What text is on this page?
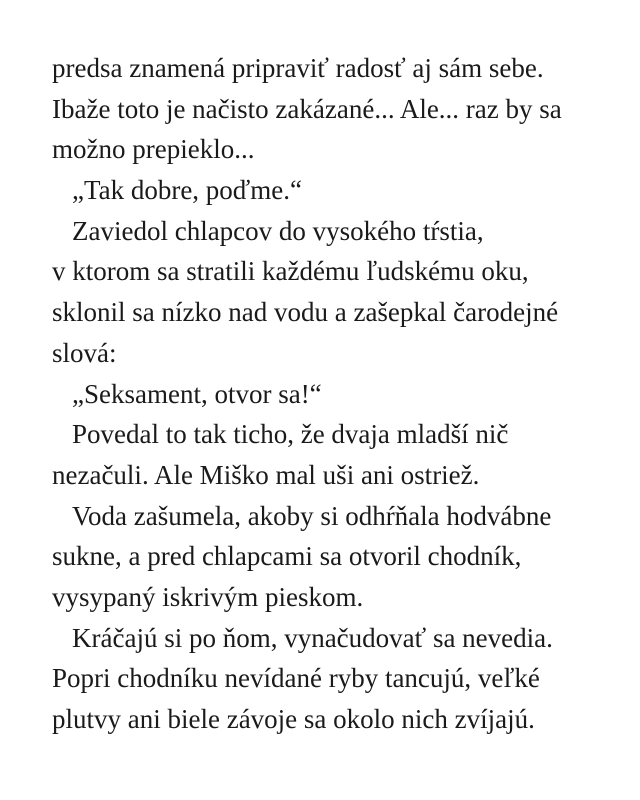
predsa znamená pripraviť radosť aj sám sebe.
Ibaže toto je načisto zakázané... Ale... raz by sa
možno prepieklo...
„Tak dobre, poďme.“
Zaviedol chlapcov do vysokého tŕstia,
v ktorom sa stratili každému ľudskému oku,
sklonil sa nízko nad vodu a zašepkal čarodejné
slová:
„Seksament, otvor sa!“
Povedal to tak ticho, že dvaja mladší nič
nezačuli. Ale Miško mal uši ani ostriež.
Voda zašumela, akoby si odhŕňala hodvábne
sukne, a pred chlapcami sa otvoril chodník,
vysypaný iskrivým pieskom.
Kráčajú si po ňom, vynačudovať sa nevedia.
Popri chodníku nevídané ryby tancujú, veľké
plutvy ani biele závoje sa okolo nich zvíjajú.
